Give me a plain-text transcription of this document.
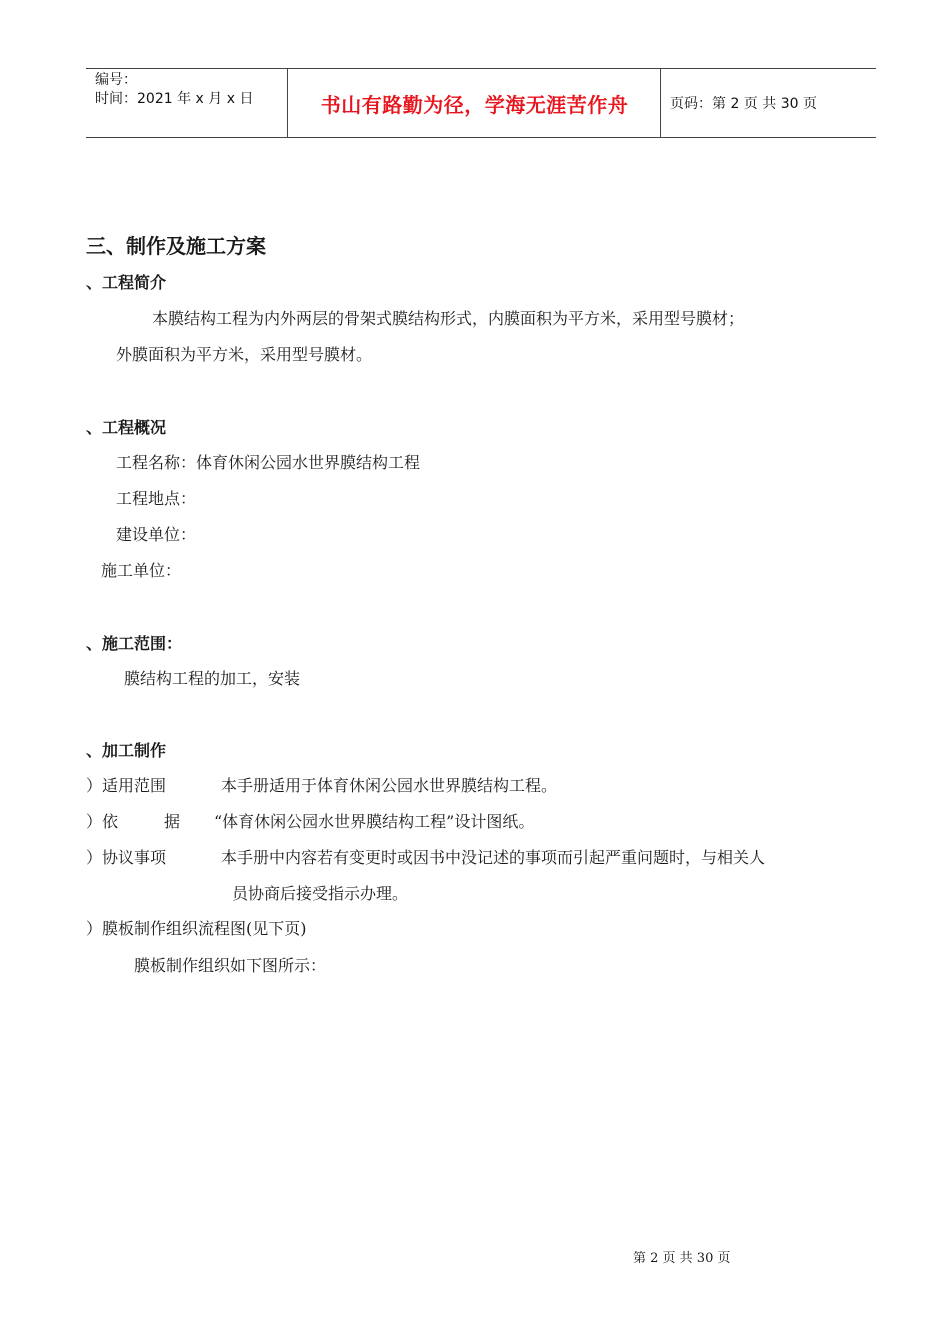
编号：
时间：2021 年 x 月 x 日	书山有路勤为径，学海无涯苦作舟	页码：第 2 页 共 30 页
三、制作及施工方案
、工程简介
本膜结构工程为内外两层的骨架式膜结构形式，内膜面积为平方米，采用型号膜材；
外膜面积为平方米，采用型号膜材。
、工程概况
工程名称：体育休闲公园水世界膜结构工程
工程地点：
建设单位：
施工单位：
、施工范围：
膜结构工程的加工，安装
、加工制作
）适用范围	本手册适用于体育休闲公园水世界膜结构工程。
）依	据 “体育休闲公园水世界膜结构工程”设计图纸。
）协议事项	本手册中内容若有变更时或因书中没记述的事项而引起严重问题时，与相关人
员协商后接受指示办理。
）膜板制作组织流程图(见下页)
膜板制作组织如下图所示：
第 2 页 共 30 页
